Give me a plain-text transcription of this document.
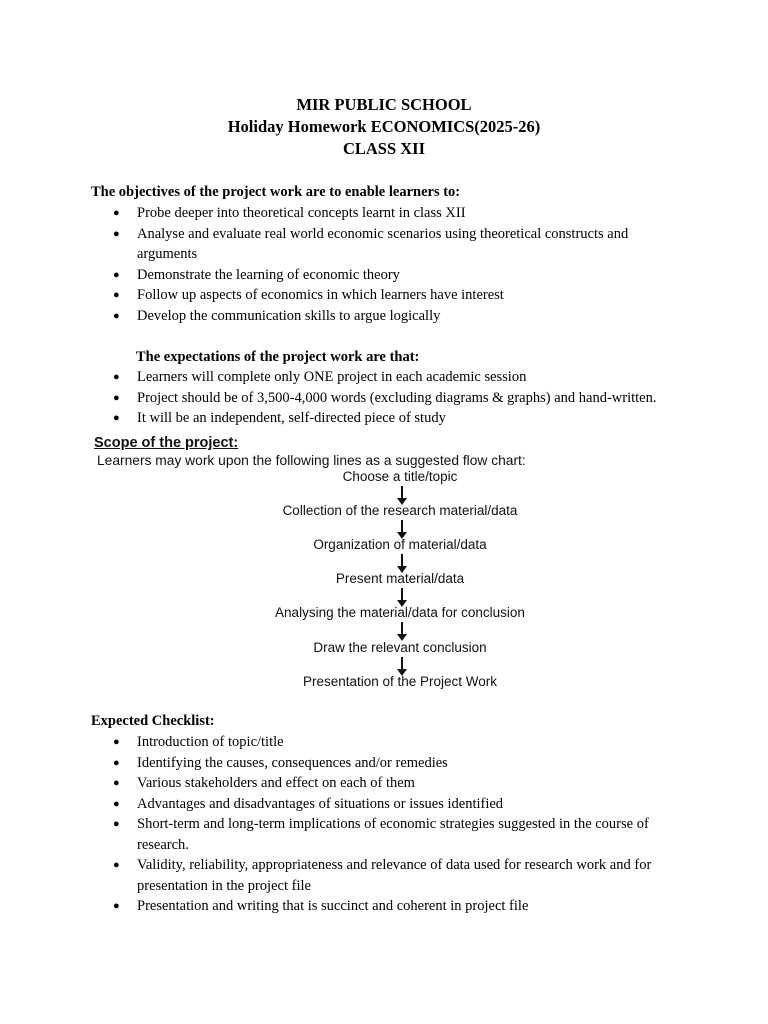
MIR PUBLIC SCHOOL
Holiday Homework ECONOMICS(2025-26)
CLASS XII
The objectives of the project work are to enable learners to:
● Probe deeper into theoretical concepts learnt in class XII
● Analyse and evaluate real world economic scenarios using theoretical constructs and arguments
● Demonstrate the learning of economic theory
● Follow up aspects of economics in which learners have interest
● Develop the communication skills to argue logically
The expectations of the project work are that:
● Learners will complete only ONE project in each academic session
● Project should be of 3,500-4,000 words (excluding diagrams & graphs) and hand-written.
● It will be an independent, self-directed piece of study
Scope of the project:
Learners may work upon the following lines as a suggested flow chart:
Choose a title/topic
Collection of the research material/data
Organization of material/data
Present material/data
Analysing the material/data for conclusion
Draw the relevant conclusion
Presentation of the Project Work
Expected Checklist:
● Introduction of topic/title
● Identifying the causes, consequences and/or remedies
● Various stakeholders and effect on each of them
● Advantages and disadvantages of situations or issues identified
● Short-term and long-term implications of economic strategies suggested in the course of research.
● Validity, reliability, appropriateness and relevance of data used for research work and for presentation in the project file
● Presentation and writing that is succinct and coherent in project file
